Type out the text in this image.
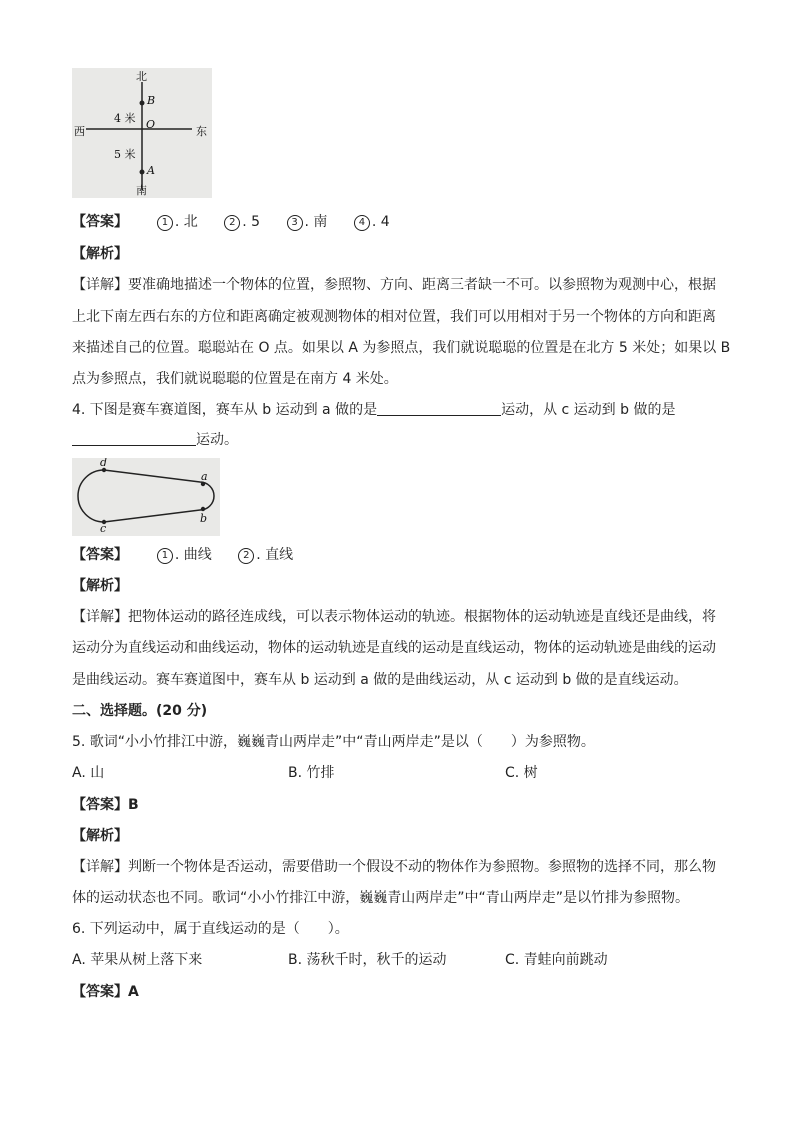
北
B
4 米 O
西	东
5 米
A
南
【答案】	1 . 北	2 . 5	3 . 南	4 . 4
【解析】
【详解】要准确地描述一个物体的位置，参照物、方向、距离三者缺一不可。以参照物为观测中心，根据
上北下南左西右东的方位和距离确定被观测物体的相对位置，我们可以用相对于另一个物体的方向和距离
来描述自己的位置。聪聪站在 O 点。如果以 A 为参照点，我们就说聪聪的位置是在北方 5 米处；如果以 B
点为参照点，我们就说聪聪的位置是在南方 4 米处。
4. 下图是赛车赛道图，赛车从 b 运动到 a 做的是	运动，从 c 运动到 b 做的是
运动。
d
a
b
c
【答案】	1 . 曲线	2 . 直线
【解析】
【详解】把物体运动的路径连成线，可以表示物体运动的轨迹。根据物体的运动轨迹是直线还是曲线，将
运动分为直线运动和曲线运动，物体的运动轨迹是直线的运动是直线运动，物体的运动轨迹是曲线的运动
是曲线运动。赛车赛道图中，赛车从 b 运动到 a 做的是曲线运动，从 c 运动到 b 做的是直线运动。
二、选择题。(20 分)
5. 歌词“小小竹排江中游，巍巍青山两岸走”中“青山两岸走”是以（　　）为参照物。
A. 山	B. 竹排	C. 树
【答案】B
【解析】
【详解】判断一个物体是否运动，需要借助一个假设不动的物体作为参照物。参照物的选择不同，那么物
体的运动状态也不同。歌词“小小竹排江中游，巍巍青山两岸走”中“青山两岸走”是以竹排为参照物。
6. 下列运动中，属于直线运动的是（　　）。
A. 苹果从树上落下来	B. 荡秋千时，秋千的运动	C. 青蛙向前跳动
【答案】A
